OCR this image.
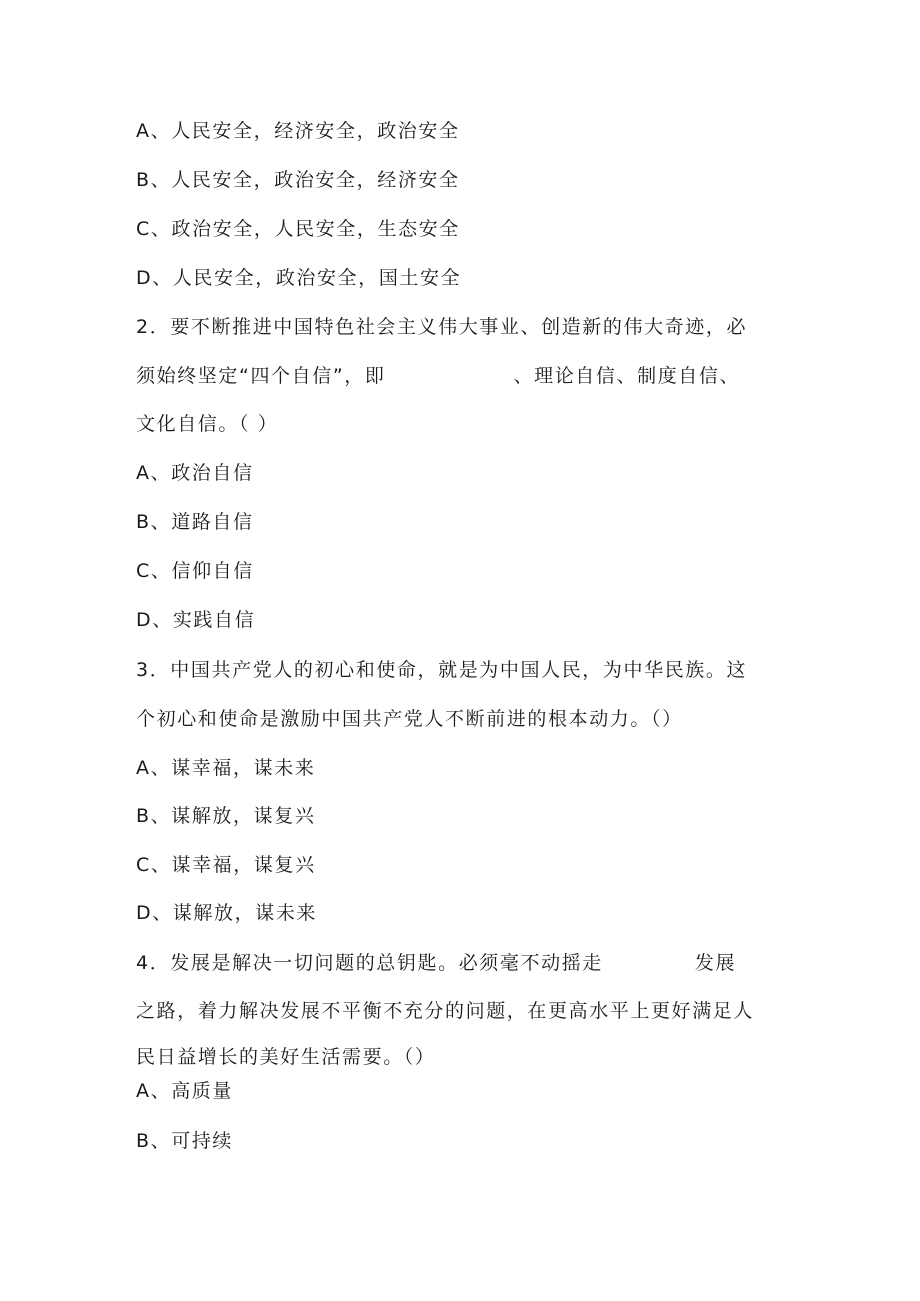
A、人民安全，经济安全，政治安全
B、人民安全，政治安全，经济安全
C、政治安全，人民安全，生态安全
D、人民安全，政治安全，国土安全
2．要不断推进中国特色社会主义伟大事业、创造新的伟大奇迹，必
须始终坚定“四个自信”，即	、理论自信、制度自信、
文化自信。（ ）
A、政治自信
B、道路自信
C、信仰自信
D、实践自信
3．中国共产党人的初心和使命，就是为中国人民，为中华民族。这
个初心和使命是激励中国共产党人不断前进的根本动力。（）
A、谋幸福，谋未来
B、谋解放，谋复兴
C、谋幸福，谋复兴
D、谋解放，谋未来
4．发展是解决一切问题的总钥匙。必须毫不动摇走	发展
之路，着力解决发展不平衡不充分的问题，在更高水平上更好满足人
民日益增长的美好生活需要。（）
A、高质量
B、可持续
